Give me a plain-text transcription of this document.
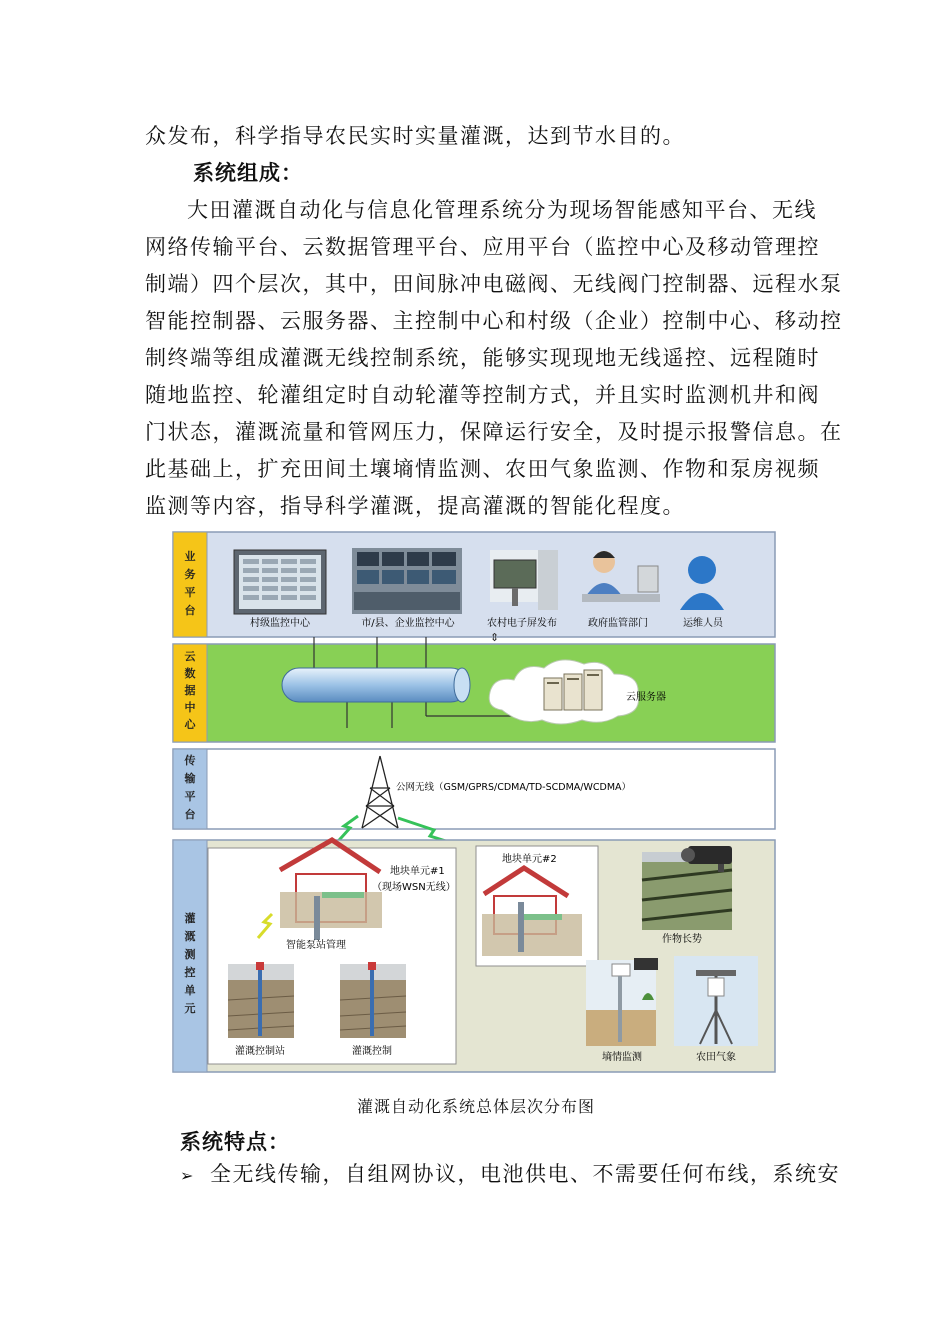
众发布，科学指导农民实时实量灌溉，达到节水目的。

系统组成：

大田灌溉自动化与信息化管理系统分为现场智能感知平台、无线
网络传输平台、云数据管理平台、应用平台（监控中心及移动管理控
制端）四个层次，其中，田间脉冲电磁阀、无线阀门控制器、远程水泵
智能控制器、云服务器、主控制中心和村级（企业）控制中心、移动控
制终端等组成灌溉无线控制系统，能够实现现地无线遥控、远程随时
随地监控、轮灌组定时自动轮灌等控制方式，并且实时监测机井和阀
门状态，灌溉流量和管网压力，保障运行安全，及时提示报警信息。在
此基础上，扩充田间土壤墒情监测、农田气象监测、作物和泵房视频
监测等内容，指导科学灌溉，提高灌溉的智能化程度。
村级监控中心	市/县、企业监控中心	农村电子屏发布	政府监管部门	运维人员
⇕
云服务器
公网无线（GSM/GPRS/CDMA/TD-SCDMA/WCDMA）
地块单元#1
（现场WSN无线）
智能泵站管理
灌溉控制站	灌溉控制
地块单元#2
作物长势
墒情监测	农田气象
业务平台
云数据中心
传输平台
灌溉测控单元
灌溉自动化系统总体层次分布图

系统特点：

➢ 全无线传输，自组网协议，电池供电、不需要任何布线，系统安
